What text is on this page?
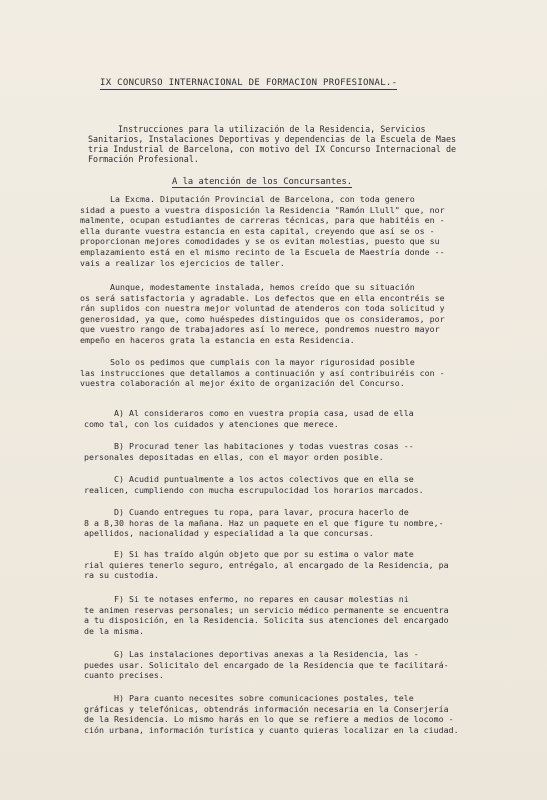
IX CONCURSO INTERNACIONAL DE FORMACION PROFESIONAL.-
Instrucciones para la utilización de la Residencia, Servicios
Sanitarios, Instalaciones Deportivas y dependencias de la Escuela de Maes
tria Industrial de Barcelona, con motivo del IX Concurso Internacional de
Formación Profesional.
A la atención de los Concursantes.
La Excma. Diputación Provincial de Barcelona, con toda genero
sidad a puesto a vuestra disposición la Residencia "Ramón Llull" que, nor
malmente, ocupan estudiantes de carreras técnicas, para que habitéis en -
ella durante vuestra estancia en esta capital, creyendo que así se os -
proporcionan mejores comodidades y se os evitan molestias, puesto que su
emplazamiento está en el mismo recinto de la Escuela de Maestría donde --
vais a realizar los ejercicios de taller.
Aunque, modestamente instalada, hemos creído que su situación
os será satisfactoria y agradable. Los defectos que en ella encontréis se
rán suplidos con nuestra mejor voluntad de atenderos con toda solicitud y
generosidad, ya que, como huéspedes distinguidos que os consideramos, por
que vuestro rango de trabajadores así lo merece, pondremos nuestro mayor
empeño en haceros grata la estancia en esta Residencia.
Solo os pedimos que cumplais con la mayor rigurosidad posible
las instrucciones que detallamos a continuación y así contribuiréis con -
vuestra colaboración al mejor éxito de organización del Concurso.
A) Al consideraros como en vuestra propia casa, usad de ella
como tal, con los cuidados y atenciones que merece.
B) Procurad tener las habitaciones y todas vuestras cosas --
personales depositadas en ellas, con el mayor orden posible.
C) Acudid puntualmente a los actos colectivos que en ella se
realicen, cumpliendo con mucha escrupulocidad los horarios marcados.
D) Cuando entregues tu ropa, para lavar, procura hacerlo de
8 a 8,30 horas de la mañana. Haz un paquete en el que figure tu nombre,-
apellidos, nacionalidad y especialidad a la que concursas.
E) Si has traído algún objeto que por su estima o valor mate
rial quieres tenerlo seguro, entrégalo, al encargado de la Residencia, pa
ra su custodia.
F) Si te notases enfermo, no repares en causar molestias ni
te animen reservas personales; un servicio médico permanente se encuentra
a tu disposición, en la Residencia. Solicita sus atenciones del encargado
de la misma.
G) Las instalaciones deportivas anexas a la Residencia, las -
puedes usar. Solicitalo del encargado de la Residencia que te facilitará-
cuanto precises.
H) Para cuanto necesites sobre comunicaciones postales, tele
gráficas y telefónicas, obtendrás información necesaria en la Conserjería
de la Residencia. Lo mismo harás en lo que se refiere a medios de locomo -
ción urbana, información turística y cuanto quieras localizar en la ciudad.
